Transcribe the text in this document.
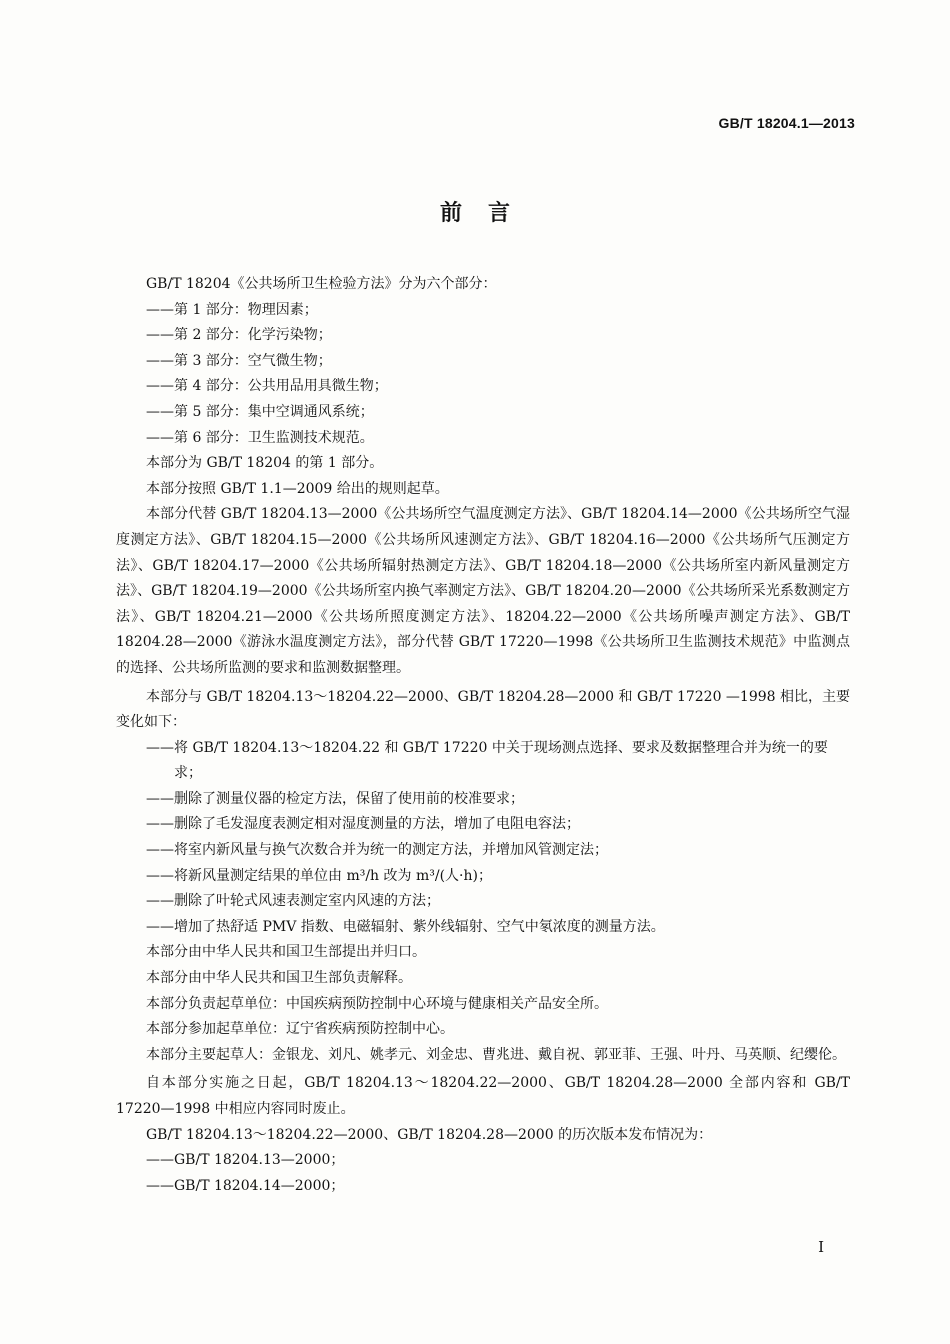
GB/T 18204.1—2013
前言
GB/T 18204《公共场所卫生检验方法》分为六个部分：
——第 1 部分：物理因素；
——第 2 部分：化学污染物；
——第 3 部分：空气微生物；
——第 4 部分：公共用品用具微生物；
——第 5 部分：集中空调通风系统；
——第 6 部分：卫生监测技术规范。
本部分为 GB/T 18204 的第 1 部分。
本部分按照 GB/T 1.1—2009 给出的规则起草。
本部分代替 GB/T 18204.13—2000《公共场所空气温度测定方法》、GB/T 18204.14—2000《公共场所空气湿度测定方法》、GB/T 18204.15—2000《公共场所风速测定方法》、GB/T 18204.16—2000《公共场所气压测定方法》、GB/T 18204.17—2000《公共场所辐射热测定方法》、GB/T 18204.18—2000《公共场所室内新风量测定方法》、GB/T 18204.19—2000《公共场所室内换气率测定方法》、GB/T 18204.20—2000《公共场所采光系数测定方法》、GB/T 18204.21—2000《公共场所照度测定方法》、18204.22—2000《公共场所噪声测定方法》、GB/T 18204.28—2000《游泳水温度测定方法》，部分代替 GB/T 17220—1998《公共场所卫生监测技术规范》中监测点的选择、公共场所监测的要求和监测数据整理。
本部分与 GB/T 18204.13～18204.22—2000、GB/T 18204.28—2000 和 GB/T 17220 —1998 相比，主要变化如下：
——将 GB/T 18204.13～18204.22 和 GB/T 17220 中关于现场测点选择、要求及数据整理合并为统一的要求；
——删除了测量仪器的检定方法，保留了使用前的校准要求；
——删除了毛发湿度表测定相对湿度测量的方法，增加了电阻电容法；
——将室内新风量与换气次数合并为统一的测定方法，并增加风管测定法；
——将新风量测定结果的单位由 m³/h 改为 m³/(人·h)；
——删除了叶轮式风速表测定室内风速的方法；
——增加了热舒适 PMV 指数、电磁辐射、紫外线辐射、空气中氡浓度的测量方法。
本部分由中华人民共和国卫生部提出并归口。
本部分由中华人民共和国卫生部负责解释。
本部分负责起草单位：中国疾病预防控制中心环境与健康相关产品安全所。
本部分参加起草单位：辽宁省疾病预防控制中心。
本部分主要起草人：金银龙、刘凡、姚孝元、刘金忠、曹兆进、戴自祝、郭亚菲、王强、叶丹、马英顺、纪缨伦。
自本部分实施之日起，GB/T 18204.13～18204.22—2000、GB/T 18204.28—2000 全部内容和 GB/T 17220—1998 中相应内容同时废止。
GB/T 18204.13～18204.22—2000、GB/T 18204.28—2000 的历次版本发布情况为：
——GB/T 18204.13—2000；
——GB/T 18204.14—2000；
I
